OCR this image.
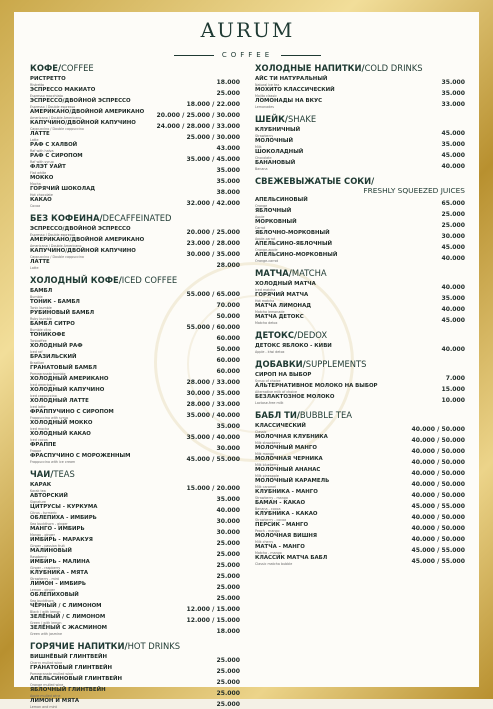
AURUM
COFFEE
КОФЕ/COFFEE
РИСТРЕТТО
Ristretto	18.000
ЭСПРЕССО МАКИАТО
Espresso macchiato	25.000
ЭСПРЕССО/ДВОЙНОЙ ЭСПРЕССО
Espresso / Double espresso	18.000 / 22.000
АМЕРИКАНО/ДВОЙНОЙ АМЕРИКАНО
Americano / Double Americano	20.000 / 25.000 / 30.000
КАПУЧИНО/ДВОЙНОЙ КАПУЧИНО
Cappuccino / Double cappuccino	24.000 / 28.000 / 33.000
ЛАТТЕ
Latte	25.000 / 30.000
РАФ С ХАЛВОЙ
Raf with halva	43.000
РАФ С СИРОПОМ
Raf with syrup	35.000 / 45.000
ФЛЭТ УАЙТ
Flat white	35.000
МОККО
Mocha	35.000
ГОРЯЧИЙ ШОКОЛАД
Hot chocolate	38.000
КАКАО
Cocoa	32.000 / 42.000
БЕЗ КОФЕИНА/DECAFFEINATED
ЭСПРЕССО/ДВОЙНОЙ ЭСПРЕССО
Espresso / Double espresso	20.000 / 25.000
АМЕРИКАНО/ДВОЙНОЙ АМЕРИКАНО
Americano / Double Americano	23.000 / 28.000
КАПУЧИНО/ДВОЙНОЙ КАПУЧИНО
Cappuccino / Double cappuccino	30.000 / 35.000
ЛАТТЕ
Latte	28.000
ХОЛОДНЫЙ КОФЕ/ICED COFFEE
БАМБЛ
Bumble	55.000 / 65.000
ТОНИК - БАМБЛ
Tonic bumble	70.000
РУБИНОВЫЙ БАМБЛ
Ruby bumble	50.000
БАМБЛ СИТРО
Bumble citro	55.000 / 60.000
ТОНИКОФЕ
Tonicoffee	60.000
ХОЛОДНЫЙ РАФ
Iced raf	50.000
БРАЗИЛЬСКИЙ
Brazilian	60.000
ГРАНАТОВЫЙ БАМБЛ
Pomegranate bumble	60.000
ХОЛОДНЫЙ АМЕРИКАНО
Iced americano	28.000 / 33.000
ХОЛОДНЫЙ КАПУЧИНО
Iced cappuccino	30.000 / 35.000
ХОЛОДНЫЙ ЛАТТЕ
Iced latte	28.000 / 33.000
ФРАППУЧИНО С СИРОПОМ
Frappuccino with syrup	35.000 / 40.000
ХОЛОДНЫЙ МОККО
Iced mocha	35.000
ХОЛОДНЫЙ КАКАО
Iced cocoa	35.000 / 40.000
ФРАППЕ
Frappe	30.000
ФРАСПУЧИНО С МОРОЖЕННЫМ
Frappuccino with ice cream	45.000 / 55.000
ЧАИ/TEAS
КАРАК
Karak tea	15.000 / 20.000
АВТОРСКИЙ
Signature	35.000
ЦИТРУСЫ - КУРКУМА
Citrus - turmeric	40.000
ОБЛЕПИХА - ИМБИРЬ
Sea buckthorn - ginger	30.000
МАНГО - ИМБИРЬ
Mango - ginger	30.000
ИМБИРЬ - МАРАКУЯ
Ginger - passion fruit	25.000
МАЛИНОВЫЙ
Raspberry	25.000
ИМБИРЬ - МАЛИНА
Ginger - raspberry	25.000
КЛУБНИКА - МЯТА
Strawberry - mint	25.000
ЛИМОН - ИМБИРЬ
Lemon - ginger	25.000
ОБЛЕПИХОВЫЙ
Sea buckthorn	25.000
ЧЁРНЫЙ / С ЛИМОНОМ
Black / with lemon	12.000 / 15.000
ЗЕЛЁНЫЙ / С ЛИМОНОМ
Green / with lemon	12.000 / 15.000
ЗЕЛЁНЫЙ С ЖАСМИНОМ
Green with jasmine	18.000
ГОРЯЧИЕ НАПИТКИ/HOT DRINKS
ВИШНЁВЫЙ ГЛИНТВЕЙН
Cherry mulled wine	25.000
ГРАНАТОВЫЙ ГЛИНТВЕЙН
Pomegranate mulled wine	25.000
АПЕЛЬСИНОВЫЙ ГЛИНТВЕЙН
Orange mulled wine	25.000
ЯБЛОЧНЫЙ ГЛИНТВЕЙН
Apple mulled wine	25.000
ЛИМОН И МЯТА
Lemon and mint	25.000
ХОЛОДНЫЕ НАПИТКИ/COLD DRINKS
АЙС ТИ НАТУРАЛЬНЫЙ
Natural ice tea	35.000
МОХИТО КЛАССИЧЕСКИЙ
Mojito classic	35.000
ЛОМОНАДЫ НА ВКУС
Lemonades	33.000
ШЕЙК/SHAKE
КЛУБНИЧНЫЙ
Strawberry	45.000
МОЛОЧНЫЙ
Milk	35.000
ШОКОЛАДНЫЙ
Chocolate	45.000
БАНАНОВЫЙ
Banana	40.000
СВЕЖЕВЫЖАТЫЕ СОКИ/
FRESHLY SQUEEZED JUICES
АПЕЛЬСИНОВЫЙ
Orange	65.000
ЯБЛОЧНЫЙ
Apple	25.000
МОРКОВНЫЙ
Carrot	25.000
ЯБЛОЧНО-МОРКОВНЫЙ
Apple-carrot	30.000
АПЕЛЬСИНО-ЯБЛОЧНЫЙ
Orange-apple	45.000
АПЕЛЬСИНО-МОРКОВНЫЙ
Orange-carrot	40.000
МАТЧА/MATCHA
ХОЛОДНЫЙ МАТЧА
Iced matcha	40.000
ГОРЯЧИЙ МАТЧА
Hot matcha	35.000
МАТЧА ЛИМОНАД
Matcha lemonade	40.000
МАТЧА ДЕТОКС
Matcha detox	45.000
ДЕТОКС/DEDOX
ДЕТОКС ЯБЛОКО - КИВИ
Apple - kiwi detox	40.000
ДОБАВКИ/SUPPLEMENTS
СИРОП НА ВЫБОР
Syrup of choice	7.000
АЛЬТЕРНАТИВНОЕ МОЛОКО НА ВЫБОР
Alternative milk of choice	15.000
БЕЗЛАКТОЗНОЕ МОЛОКО
Lactose-free milk	10.000
БАБЛ ТИ/BUBBLE TEA
КЛАССИЧЕСКИЙ
Classic	40.000 / 50.000
МОЛОЧНАЯ КЛУБНИКА
Milk strawberry	40.000 / 50.000
МОЛОЧНЫЙ МАНГО
Milk mango	40.000 / 50.000
МОЛОЧНАЯ ЧЕРНИКА
Milk blueberry	40.000 / 50.000
МОЛОЧНЫЙ АНАНАС
Milk pineapple	40.000 / 50.000
МОЛОЧНЫЙ КАРАМЕЛЬ
Milk caramel	40.000 / 50.000
КЛУБНИКА - МАНГО
Strawberry - mango	40.000 / 50.000
БАМАН - КАКАО
Banana - cocoa	45.000 / 55.000
КЛУБНИКА - КАКАО
Strawberry - cocoa	40.000 / 50.000
ПЕРСИК - МАНГО
Peach - mango	40.000 / 50.000
МОЛОЧНАЯ ВИШНЯ
Milk cherry	40.000 / 50.000
МАТЧА - МАНГО
Matcha - mango	45.000 / 55.000
КЛАССИК МАТЧА БАБЛ
Classic matcha bubble	45.000 / 55.000
